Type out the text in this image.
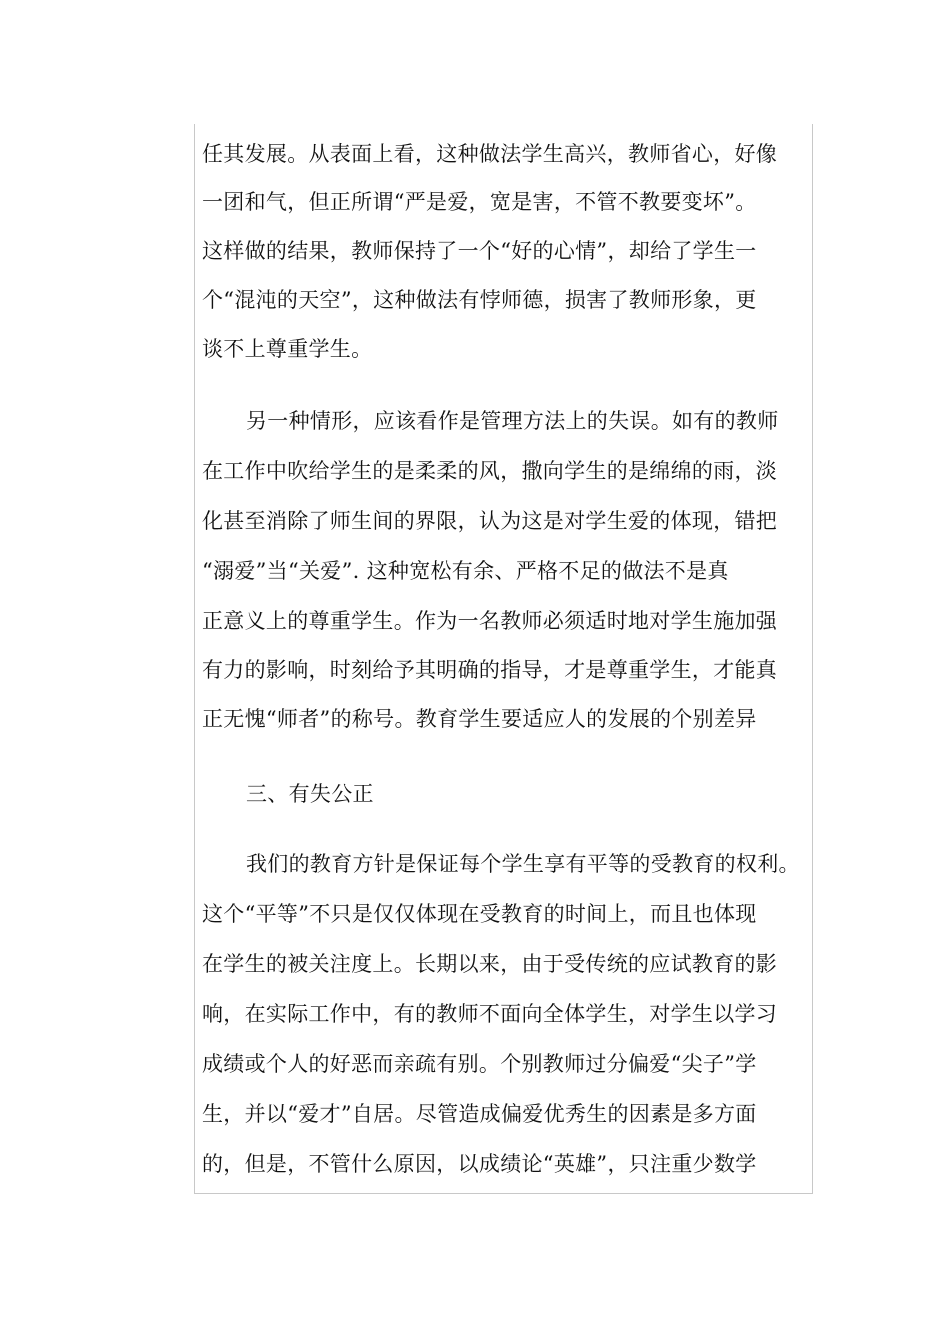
任其发展。从表面上看，这种做法学生高兴，教师省心，好像
一团和气，但正所谓“严是爱，宽是害，不管不教要变坏”。
这样做的结果，教师保持了一个“好的心情”，却给了学生一
个“混沌的天空”，这种做法有悖师德，损害了教师形象，更
谈不上尊重学生。
另一种情形，应该看作是管理方法上的失误。如有的教师
在工作中吹给学生的是柔柔的风，撒向学生的是绵绵的雨，淡
化甚至消除了师生间的界限，认为这是对学生爱的体现，错把
“溺爱”当“关爱”. 这种宽松有余、严格不足的做法不是真
正意义上的尊重学生。作为一名教师必须适时地对学生施加强
有力的影响，时刻给予其明确的指导，才是尊重学生，才能真
正无愧“师者”的称号。教育学生要适应人的发展的个别差异
三、有失公正
我们的教育方针是保证每个学生享有平等的受教育的权利。
这个“平等”不只是仅仅体现在受教育的时间上，而且也体现
在学生的被关注度上。长期以来，由于受传统的应试教育的影
响，在实际工作中，有的教师不面向全体学生，对学生以学习
成绩或个人的好恶而亲疏有别。个别教师过分偏爱“尖子”学
生，并以“爱才”自居。尽管造成偏爱优秀生的因素是多方面
的，但是，不管什么原因，以成绩论“英雄”，只注重少数学
